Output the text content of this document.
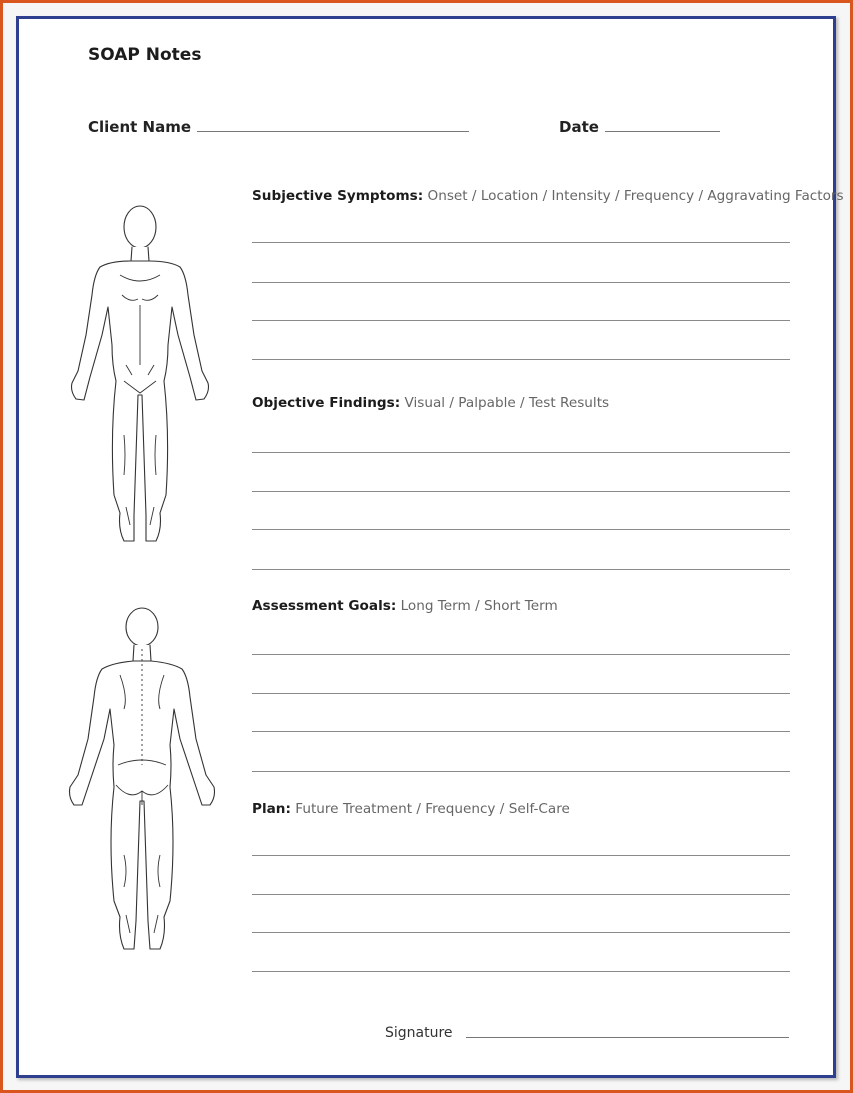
SOAP Notes
Client Name	Date
Subjective Symptoms: Onset / Location / Intensity / Frequency / Aggravating Factors
Objective Findings: Visual / Palpable / Test Results
Assessment Goals: Long Term / Short Term
Plan: Future Treatment / Frequency / Self-Care
Signature
